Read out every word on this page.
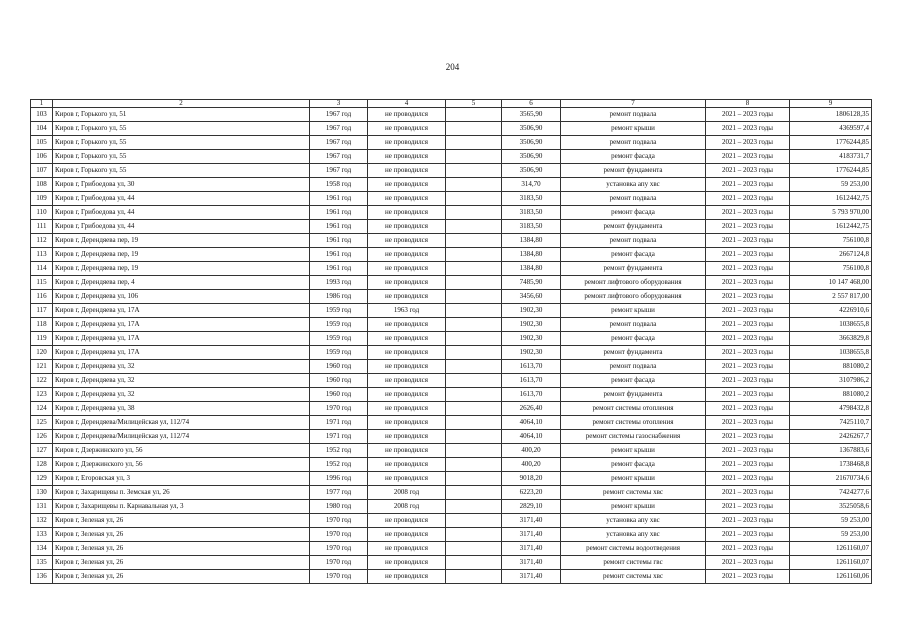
204
1	2	3	4	5	6	7	8	9
103	Киров г, Горького ул, 51	1967 год	не проводился		3565,90	ремонт подвала	2021 – 2023 годы	1806128,35
104	Киров г, Горького ул, 55	1967 год	не проводился		3506,90	ремонт крыши	2021 – 2023 годы	4369597,4
105	Киров г, Горького ул, 55	1967 год	не проводился		3506,90	ремонт подвала	2021 – 2023 годы	1776244,85
106	Киров г, Горького ул, 55	1967 год	не проводился		3506,90	ремонт фасада	2021 – 2023 годы	4183731,7
107	Киров г, Горького ул, 55	1967 год	не проводился		3506,90	ремонт фундамента	2021 – 2023 годы	1776244,85
108	Киров г, Грибоедова ул, 30	1958 год	не проводился		314,70	установка апу хвс	2021 – 2023 годы	59 253,00
109	Киров г, Грибоедова ул, 44	1961 год	не проводился		3183,50	ремонт подвала	2021 – 2023 годы	1612442,75
110	Киров г, Грибоедова ул, 44	1961 год	не проводился		3183,50	ремонт фасада	2021 – 2023 годы	5 793 970,00
111	Киров г, Грибоедова ул, 44	1961 год	не проводился		3183,50	ремонт фундамента	2021 – 2023 годы	1612442,75
112	Киров г, Дерендяева пер, 19	1961 год	не проводился		1384,80	ремонт подвала	2021 – 2023 годы	756100,8
113	Киров г, Дерендяева пер, 19	1961 год	не проводился		1384,80	ремонт фасада	2021 – 2023 годы	2667124,8
114	Киров г, Дерендяева пер, 19	1961 год	не проводился		1384,80	ремонт фундамента	2021 – 2023 годы	756100,8
115	Киров г, Дерендяева пер, 4	1993 год	не проводился		7485,90	ремонт лифтового оборудования	2021 – 2023 годы	10 147 468,00
116	Киров г, Дерендяева ул, 106	1986 год	не проводился		3456,60	ремонт лифтового оборудования	2021 – 2023 годы	2 557 817,00
117	Киров г, Дерендяева ул, 17А	1959 год	1963 год		1902,30	ремонт крыши	2021 – 2023 годы	4226910,6
118	Киров г, Дерендяева ул, 17А	1959 год	не проводился		1902,30	ремонт подвала	2021 – 2023 годы	1038655,8
119	Киров г, Дерендяева ул, 17А	1959 год	не проводился		1902,30	ремонт фасада	2021 – 2023 годы	3663829,8
120	Киров г, Дерендяева ул, 17А	1959 год	не проводился		1902,30	ремонт фундамента	2021 – 2023 годы	1038655,8
121	Киров г, Дерендяева ул, 32	1960 год	не проводился		1613,70	ремонт подвала	2021 – 2023 годы	881080,2
122	Киров г, Дерендяева ул, 32	1960 год	не проводился		1613,70	ремонт фасада	2021 – 2023 годы	3107986,2
123	Киров г, Дерендяева ул, 32	1960 год	не проводился		1613,70	ремонт фундамента	2021 – 2023 годы	881080,2
124	Киров г, Дерендяева ул, 38	1970 год	не проводился		2626,40	ремонт системы отопления	2021 – 2023 годы	4798432,8
125	Киров г, Дерендяева/Милицейская ул, 112/74	1971 год	не проводился		4064,10	ремонт системы отопления	2021 – 2023 годы	7425110,7
126	Киров г, Дерендяева/Милицейская ул, 112/74	1971 год	не проводился		4064,10	ремонт системы газоснабжения	2021 – 2023 годы	2426267,7
127	Киров г, Дзержинского ул, 56	1952 год	не проводился		400,20	ремонт крыши	2021 – 2023 годы	1367883,6
128	Киров г, Дзержинского ул, 56	1952 год	не проводился		400,20	ремонт фасада	2021 – 2023 годы	1738468,8
129	Киров г, Егоровская ул, 3	1996 год	не проводился		9018,20	ремонт крыши	2021 – 2023 годы	21670734,6
130	Киров г, Захарищевы п. Земская ул, 26	1977 год	2008 год		6223,20	ремонт системы хвс	2021 – 2023 годы	7424277,6
131	Киров г, Захарищевы п. Карнавальная ул, 3	1980 год	2008 год		2829,10	ремонт крыши	2021 – 2023 годы	3525058,6
132	Киров г, Зеленая ул, 26	1970 год	не проводился		3171,40	установка апу хвс	2021 – 2023 годы	59 253,00
133	Киров г, Зеленая ул, 26	1970 год	не проводился		3171,40	установка апу хвс	2021 – 2023 годы	59 253,00
134	Киров г, Зеленая ул, 26	1970 год	не проводился		3171,40	ремонт системы водоотведения	2021 – 2023 годы	1261160,07
135	Киров г, Зеленая ул, 26	1970 год	не проводился		3171,40	ремонт системы гвс	2021 – 2023 годы	1261160,07
136	Киров г, Зеленая ул, 26	1970 год	не проводился		3171,40	ремонт системы хвс	2021 – 2023 годы	1261160,06
